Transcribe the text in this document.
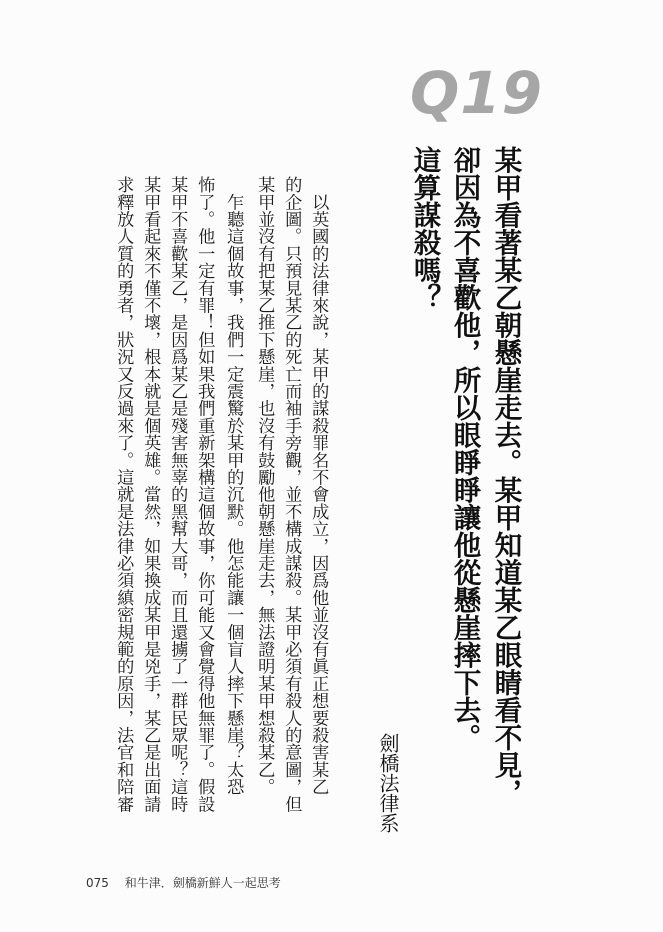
Q19
某甲看著某乙朝懸崖走去。某甲知道某乙眼睛看不見，
卻因為不喜歡他，所以眼睜睜讓他從懸崖摔下去。
這算謀殺嗎？
劍橋法律系
　以英國的法律來說，某甲的謀殺罪名不會成立，因爲他並沒有眞正想要殺害某乙
的企圖。只預見某乙的死亡而袖手旁觀，並不構成謀殺。某甲必須有殺人的意圖，但
某甲並沒有把某乙推下懸崖，也沒有鼓勵他朝懸崖走去，無法證明某甲想殺某乙。
　乍聽這個故事，我們一定震驚於某甲的沉默。他怎能讓一個盲人摔下懸崖？太恐
怖了。他一定有罪！但如果我們重新架構這個故事，你可能又會覺得他無罪了。假設
某甲不喜歡某乙，是因爲某乙是殘害無辜的黑幫大哥，而且還擄了一群民眾呢？這時
某甲看起來不僅不壞，根本就是個英雄。當然，如果換成某甲是兇手，某乙是出面請
求釋放人質的勇者，狀況又反過來了。這就是法律必須縝密規範的原因，法官和陪審
075 和牛津．劍橋新鮮人一起思考
